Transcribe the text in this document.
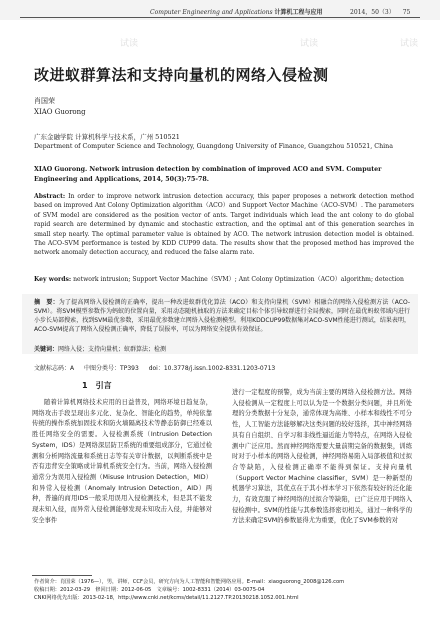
Computer Engineering and Applications 计算机工程与应用	2014，50（3） 75
改进蚁群算法和支持向量机的网络入侵检测
肖国荣
XIAO Guorong
广东金融学院 计算机科学与技术系，广州 510521
Department of Computer Science and Technology, Guangdong University of Finance, Guangzhou 510521, China
XIAO Guorong. Network intrusion detection by combination of improved ACO and SVM. Computer Engineering and Applications, 2014, 50(3):75-78.
Abstract: In order to improve network intrusion detection accuracy, this paper proposes a network detection method based on improved Ant Colony Optimization algorithm（ACO）and Support Vector Machine（ACO-SVM）. The parameters of SVM model are considered as the position vector of ants. Target individuals which lead the ant colony to do global rapid search are determined by dynamic and stochastic extraction, and the optimal ant of this generation searches in small step nearly. The optimal parameter value is obtained by ACO. The network intrusion detection model is obtained. The ACO-SVM performance is tested by KDD CUP99 data. The results show that the proposed method has improved the network anomaly detection accuracy, and reduced the false alarm rate.
Key words: network intrusion; Support Vector Machine（SVM）; Ant Colony Optimization（ACO）algorithm; detection
摘　要：为了提高网络入侵检测的正确率，提出一种改进蚁群优化算法（ACO）和支持向量机（SVM）相融合的网络入侵检测方法（ACO-SVM）。将SVM模型参数作为蚂蚁的位置向量，采用动态随机抽取的方法来确定目标个体引导蚁群进行全局搜索，同时在最优蚂蚁邻域内进行小步长局部搜索，找到SVM最优参数，采用最优参数建立网络入侵检测模型。利用KDDCUP99数据集对ACO-SVM性能进行测试，结果表明，ACO-SVM提高了网络入侵检测正确率，降低了误报率，可以为网络安全提供有效保证。
关键词：网络入侵；支持向量机；蚁群算法；检测
文献标志码：A 中图分类号：TP393 doi：10.3778/j.issn.1002-8331.1203-0713
1　引言
随着计算机网络技术应用的日益普及，网络环境日趋复杂，网络攻击手段呈现出多元化、复杂化、智能化的趋势，单纯依靠传统的操作系统加固技术和防火墙隔离技术等静态防御已经难以胜任网络安全的需要。入侵检测系统（Intrusion Detection System，IDS）是网络深层防卫系统的重要组成部分，它通过检测和分析网络流量和系统日志等有关审计数据，以判断系统中是否有违背安全策略或计算机系统安全行为。当前，网络入侵检测通常分为误用入侵检测（Misuse Intrusion Detection，MID）和异常入侵检测（Anomaly Intrusion Detection，AID）两种，普遍的商用IDS一般采用误用入侵检测技术，但是其不能发现未知入侵，而异常入侵检测能够发现未知攻击入侵，并能够对安全事件
进行一定程度的预警，成为当前主要的网络入侵检测方法。网络入侵检测从一定程度上可以认为是一个数据分类问题，并且所处理的分类数据十分复杂，通常体现为高维、小样本和线性不可分性，人工智能方法能够解决这类问题的较好选择，其中神经网络具有自自组织、自学习和非线性逼近能力等特点，在网络入侵检测中广泛应用。然而神经网络需要大量前期完备的数据集，训练时对于小样本的网络入侵检测，神经网络易陷入局部极值和过拟合等缺陷，入侵检测正确率不能得到保证。支持向量机（Support Vector Machine classifier，SVM）是一种新型的机器学习算法，其优点在于其小样本学习下依然有较好的泛化能力，有效克服了神经网络的过拟合等缺陷，已广泛应用于网络入侵检测中。SVM的性能与其参数选择密切相关，通过一种科学的方法来确定SVM的参数显得尤为重要，优化了SVM参数的对
作者简介：肖国荣（1976—），男，讲师，CCF会员，研究方向为人工智能和智能网络应用。E-mail：xiaoguorong_2008@126.com
收稿日期：2012-03-29　修回日期：2012-06-05　文章编号：1002-8331（2014）03-0075-04
CNKI网络优先出版：2013-02-18，http://www.cnki.net/kcms/detail/11.2127.TP.20130218.1052.001.html
试读	试读	试读
